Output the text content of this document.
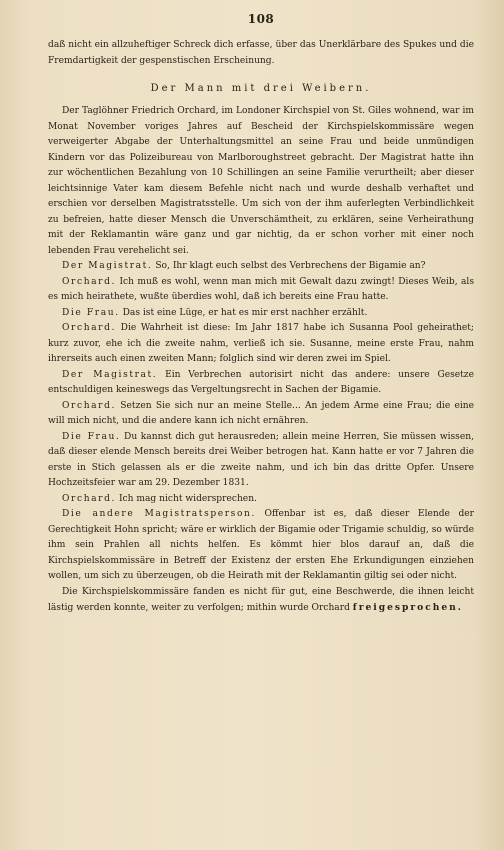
108

daß nicht ein allzuheftiger Schreck dich erfasse, über das Unerklärbare des Spukes und die Fremdartigkeit der gespenstischen Erscheinung.

Der Mann mit drei Weibern.

Der Taglöhner Friedrich Orchard, im Londoner Kirchspiel von St. Giles wohnend, war im Monat November voriges Jahres auf Bescheid der Kirchspielskommissäre wegen verweigerter Abgabe der Unterhaltungsmittel an seine Frau und beide unmündigen Kindern vor das Polizeibureau von Marlboroughstreet gebracht. Der Magistrat hatte ihn zur wöchentlichen Bezahlung von 10 Schillingen an seine Familie verurtheilt; aber dieser leichtsinnige Vater kam diesem Befehle nicht nach und wurde deshalb verhaftet und erschien vor derselben Magistratsstelle. Um sich von der ihm auferlegten Verbindlichkeit zu befreien, hatte dieser Mensch die Unverschämtheit, zu erklären, seine Verheirathung mit der Reklamantin wäre ganz und gar nichtig, da er schon vorher mit einer noch lebenden Frau verehelicht sei.

Der Magistrat. So, Ihr klagt euch selbst des Verbrechens der Bigamie an?

Orchard. Ich muß es wohl, wenn man mich mit Gewalt dazu zwingt! Dieses Weib, als es mich heirathete, wußte überdies wohl, daß ich bereits eine Frau hatte.

Die Frau. Das ist eine Lüge, er hat es mir erst nachher erzählt.

Orchard. Die Wahrheit ist diese: Im Jahr 1817 habe ich Susanna Pool geheirathet; kurz zuvor, ehe ich die zweite nahm, verließ ich sie. Susanne, meine erste Frau, nahm ihrerseits auch einen zweiten Mann; folglich sind wir deren zwei im Spiel.

Der Magistrat. Ein Verbrechen autorisirt nicht das andere: unsere Gesetze entschuldigen keineswegs das Vergeltungsrecht in Sachen der Bigamie.

Orchard. Setzen Sie sich nur an meine Stelle... An jedem Arme eine Frau; die eine will mich nicht, und die andere kann ich nicht ernähren.

Die Frau. Du kannst dich gut herausreden; allein meine Herren, Sie müssen wissen, daß dieser elende Mensch bereits drei Weiber betrogen hat. Kann hatte er vor 7 Jahren die erste in Stich gelassen als er die zweite nahm, und ich bin das dritte Opfer. Unsere Hochzeitsfeier war am 29. Dezember 1831.

Orchard. Ich mag nicht widersprechen.

Die andere Magistratsperson. Offenbar ist es, daß dieser Elende der Gerechtigkeit Hohn spricht; wäre er wirklich der Bigamie oder Trigamie schuldig, so würde ihm sein Prahlen all nichts helfen. Es kömmt hier blos darauf an, daß die Kirchspielskommissäre in Betreff der Existenz der ersten Ehe Erkundigungen einziehen wollen, um sich zu überzeugen, ob die Heirath mit der Reklamantin giltig sei oder nicht.

Die Kirchspielskommissäre fanden es nicht für gut, eine Beschwerde, die ihnen leicht lästig werden konnte, weiter zu verfolgen; mithin wurde Orchard freigesprochen.
